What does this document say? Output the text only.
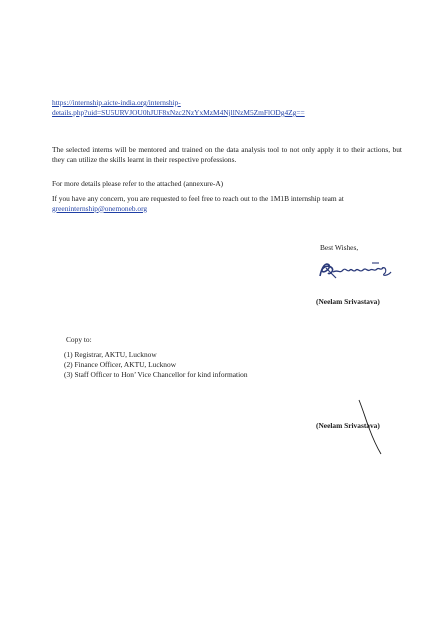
https://internship.aicte-india.org/internship-
details.php?uid=SU5URVJOU0hJUF8xNzc2NzYxMzM4NjllNzM5ZmFlODg4Zg==
The selected interns will be mentored and trained on the data analysis tool to not only apply it to their actions, but they can utilize the skills learnt in their respective professions.
For more details please refer to the attached (annexure-A)
If you have any concern, you are requested to feel free to reach out to the 1M1B internship team at
greeninternship@onemoneb.org
Best Wishes,
(Neelam Srivastava)
Copy to:
(1) Registrar, AKTU, Lucknow
(2) Finance Officer, AKTU, Lucknow
(3) Staff Officer to Hon’ Vice Chancellor for kind information
(Neelam Srivastava)
